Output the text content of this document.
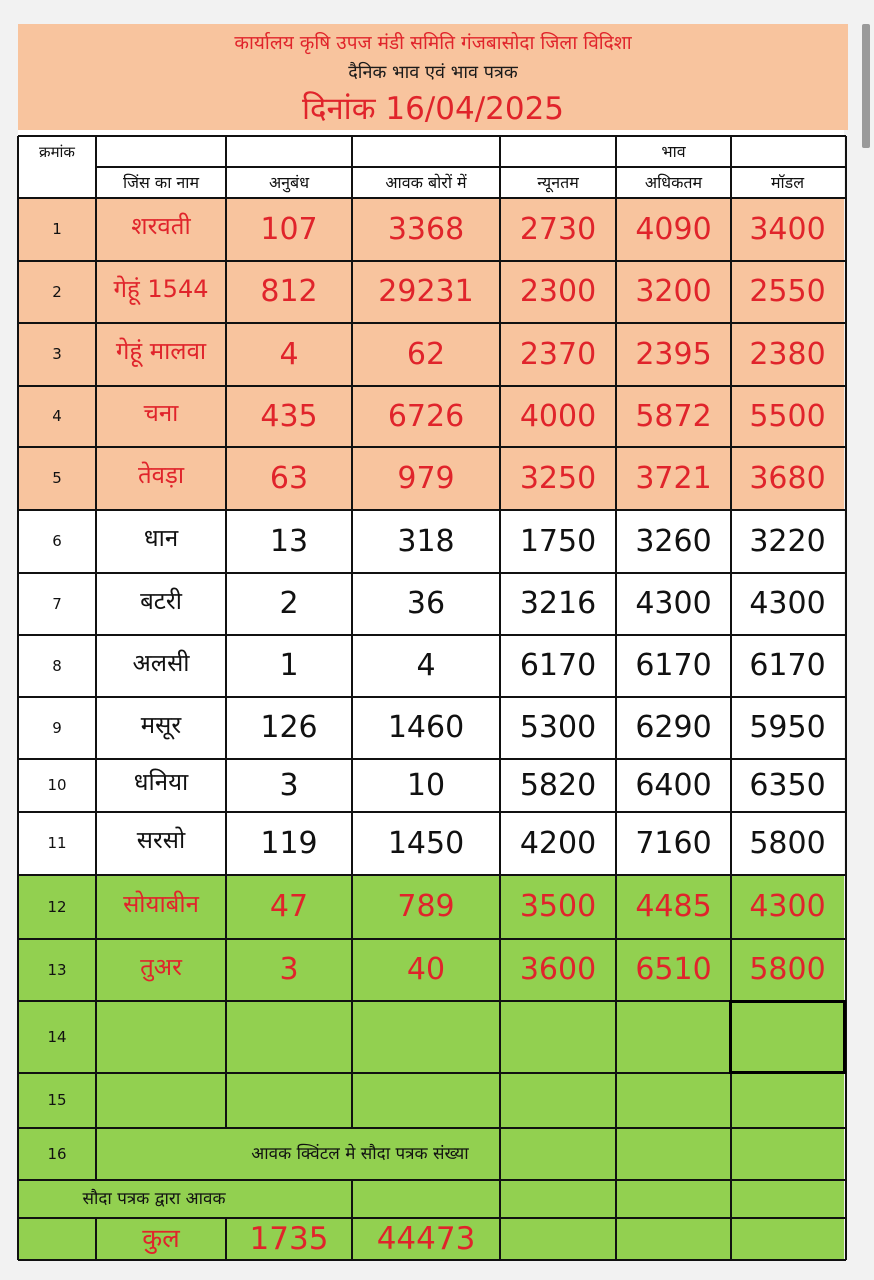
कार्यालय कृषि उपज मंडी समिति गंजबासोदा जिला विदिशा
दैनिक भाव एवं भाव पत्रक
दिनांक 16/04/2025
क्रमांक
जिंस का नाम	अनुबंध	आवक बोरों में
भाव
न्यूनतम	अधिकतम	मॉडल
1	शरवती	107	3368	2730	4090	3400
2	गेहूं 1544	812	29231	2300	3200	2550
3	गेहूं मालवा	4	62	2370	2395	2380
4	चना	435	6726	4000	5872	5500
5	तेवड़ा	63	979	3250	3721	3680
6	धान	13	318	1750	3260	3220
7	बटरी	2	36	3216	4300	4300
8	अलसी	1	4	6170	6170	6170
9	मसूर	126	1460	5300	6290	5950
10	धनिया	3	10	5820	6400	6350
11	सरसो	119	1450	4200	7160	5800
12	सोयाबीन	47	789	3500	4485	4300
13	तुअर	3	40	3600	6510	5800
14
15
16	आवक क्विंटल मे सौदा पत्रक संख्या
सौदा पत्रक द्वारा आवक
कुल	1735	44473
